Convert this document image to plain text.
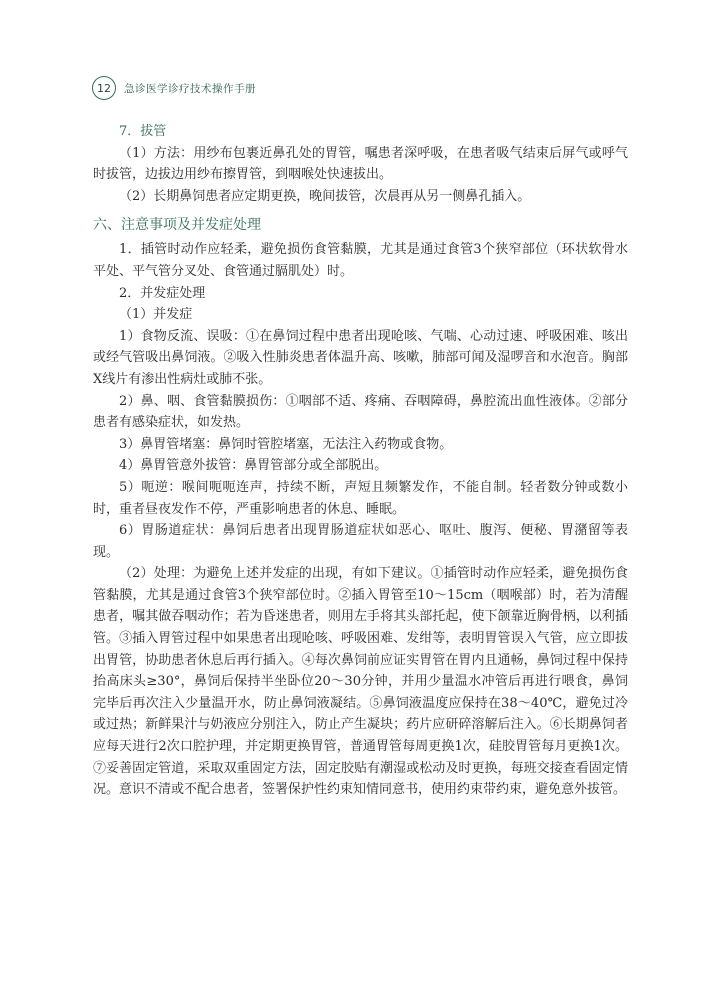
12	急诊医学诊疗技术操作手册

7．拔管

（1）方法：用纱布包裹近鼻孔处的胃管，嘱患者深呼吸，在患者吸气结束后屏气或呼气时拔管，边拔边用纱布擦胃管，到咽喉处快速拔出。

（2）长期鼻饲患者应定期更换，晚间拔管，次晨再从另一侧鼻孔插入。

六、注意事项及并发症处理

1．插管时动作应轻柔，避免损伤食管黏膜，尤其是通过食管3个狭窄部位（环状软骨水平处、平气管分叉处、食管通过膈肌处）时。

2．并发症处理

（1）并发症

1）食物反流、误吸：①在鼻饲过程中患者出现呛咳、气喘、心动过速、呼吸困难、咳出或经气管吸出鼻饲液。②吸入性肺炎患者体温升高、咳嗽，肺部可闻及湿啰音和水泡音。胸部X线片有渗出性病灶或肺不张。

2）鼻、咽、食管黏膜损伤：①咽部不适、疼痛、吞咽障碍，鼻腔流出血性液体。②部分患者有感染症状，如发热。

3）鼻胃管堵塞：鼻饲时管腔堵塞，无法注入药物或食物。

4）鼻胃管意外拔管：鼻胃管部分或全部脱出。

5）呃逆：喉间呃呃连声，持续不断，声短且频繁发作，不能自制。轻者数分钟或数小时，重者昼夜发作不停，严重影响患者的休息、睡眠。

6）胃肠道症状：鼻饲后患者出现胃肠道症状如恶心、呕吐、腹泻、便秘、胃潴留等表现。

（2）处理：为避免上述并发症的出现，有如下建议。①插管时动作应轻柔，避免损伤食管黏膜，尤其是通过食管3个狭窄部位时。②插入胃管至10～15cm（咽喉部）时，若为清醒患者，嘱其做吞咽动作；若为昏迷患者，则用左手将其头部托起，使下颌靠近胸骨柄，以利插管。③插入胃管过程中如果患者出现呛咳、呼吸困难、发绀等，表明胃管误入气管，应立即拔出胃管，协助患者休息后再行插入。④每次鼻饲前应证实胃管在胃内且通畅，鼻饲过程中保持抬高床头≥30°，鼻饲后保持半坐卧位20～30分钟，并用少量温水冲管后再进行喂食，鼻饲完毕后再次注入少量温开水，防止鼻饲液凝结。⑤鼻饲液温度应保持在38～40℃，避免过冷或过热；新鲜果汁与奶液应分别注入，防止产生凝块；药片应研碎溶解后注入。⑥长期鼻饲者应每天进行2次口腔护理，并定期更换胃管，普通胃管每周更换1次，硅胶胃管每月更换1次。⑦妥善固定管道，采取双重固定方法，固定胶贴有潮湿或松动及时更换，每班交接查看固定情况。意识不清或不配合患者，签署保护性约束知情同意书，使用约束带约束，避免意外拔管。
